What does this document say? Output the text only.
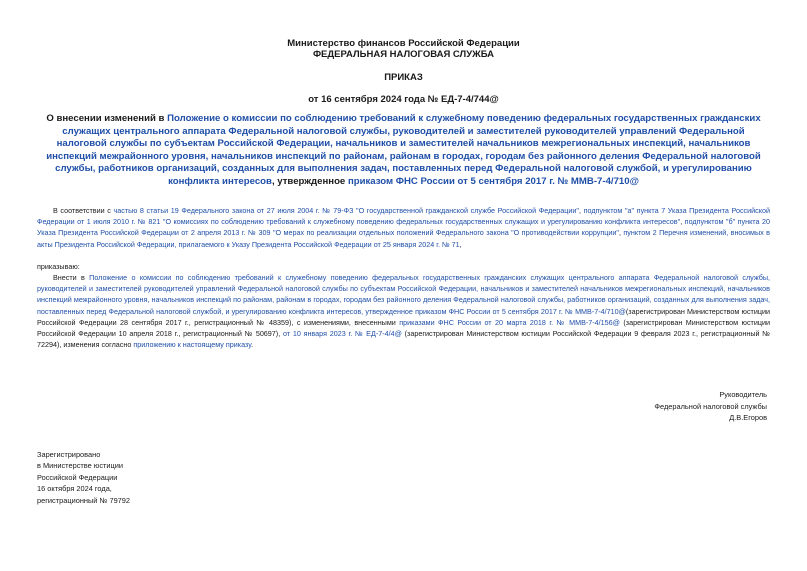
Министерство финансов Российской Федерации
ФЕДЕРАЛЬНАЯ НАЛОГОВАЯ СЛУЖБА
ПРИКАЗ
от 16 сентября 2024 года № ЕД-7-4/744@
О внесении изменений в Положение о комиссии по соблюдению требований к служебному поведению федеральных государственных гражданских служащих центрального аппарата Федеральной налоговой службы, руководителей и заместителей руководителей управлений Федеральной налоговой службы по субъектам Российской Федерации, начальников и заместителей начальников межрегиональных инспекций, начальников инспекций межрайонного уровня, начальников инспекций по районам, районам в городах, городам без районного деления Федеральной налоговой службы, работников организаций, созданных для выполнения задач, поставленных перед Федеральной налоговой службой, и урегулированию конфликта интересов, утвержденное приказом ФНС России от 5 сентября 2017 г. № ММВ-7-4/710@
В соответствии с частью 8 статьи 19 Федерального закона от 27 июля 2004 г. № 79-ФЗ "О государственной гражданской службе Российской Федерации", подпунктом "а" пункта 7 Указа Президента Российской Федерации от 1 июля 2010 г. № 821 "О комиссиях по соблюдению требований к служебному поведению федеральных государственных служащих и урегулированию конфликта интересов", подпунктом "б" пункта 20 Указа Президента Российской Федерации от 2 апреля 2013 г. № 309 "О мерах по реализации отдельных положений Федерального закона "О противодействии коррупции", пунктом 2 Перечня изменений, вносимых в акты Президента Российской Федерации, прилагаемого к Указу Президента Российской Федерации от 25 января 2024 г. № 71,
приказываю:
Внести в Положение о комиссии по соблюдению требований к служебному поведению федеральных государственных гражданских служащих центрального аппарата Федеральной налоговой службы, руководителей и заместителей руководителей управлений Федеральной налоговой службы по субъектам Российской Федерации, начальников и заместителей начальников межрегиональных инспекций, начальников инспекций межрайонного уровня, начальников инспекций по районам, районам в городах, городам без районного деления Федеральной налоговой службы, работников организаций, созданных для выполнения задач, поставленных перед Федеральной налоговой службой, и урегулированию конфликта интересов, утвержденное приказом ФНС России от 5 сентября 2017 г. № ММВ-7-4/710@(зарегистрирован Министерством юстиции Российской Федерации 28 сентября 2017 г., регистрационный № 48359), с изменениями, внесенными приказами ФНС России от 20 марта 2018 г. № ММВ-7-4/156@ (зарегистрирован Министерством юстиции Российской Федерации 10 апреля 2018 г., регистрационный № 50697), от 10 января 2023 г. № ЕД-7-4/4@ (зарегистрирован Министерством юстиции Российской Федерации 9 февраля 2023 г., регистрационный № 72294), изменения согласно приложению к настоящему приказу.
Руководитель
Федеральной налоговой службы
Д.В.Егоров
Зарегистрировано
в Министерстве юстиции
Российской Федерации
16 октября 2024 года,
регистрационный № 79792
